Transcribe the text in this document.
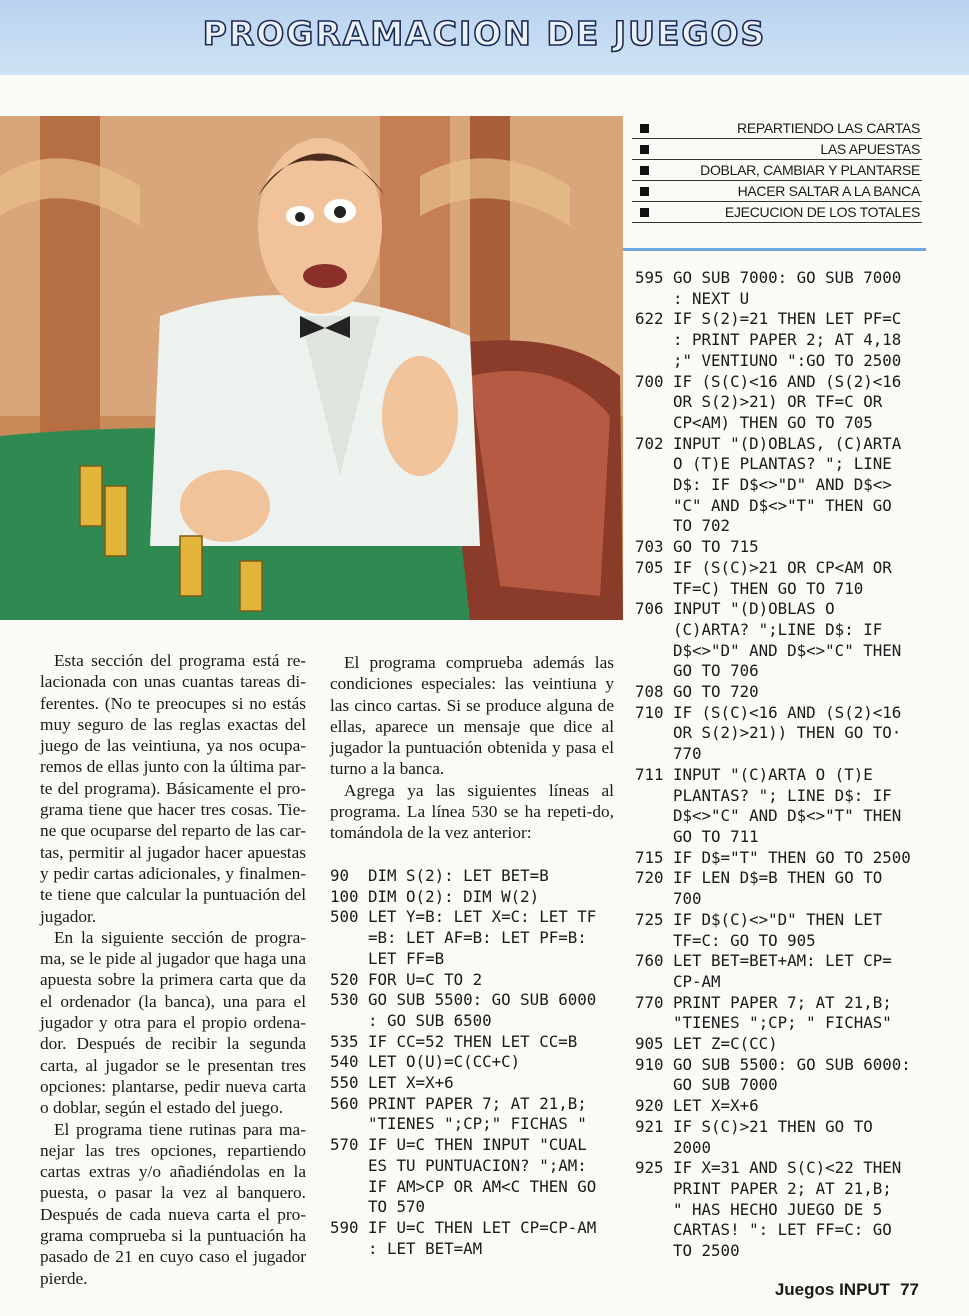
PROGRAMACION DE JUEGOS
REPARTIENDO LAS CARTAS
LAS APUESTAS
DOBLAR, CAMBIAR Y PLANTARSE
HACER SALTAR A LA BANCA
EJECUCION DE LOS TOTALES

Esta sección del programa está re-lacionada con unas cuantas tareas di-ferentes. (No te preocupes si no estás muy seguro de las reglas exactas del juego de las veintiuna, ya nos ocupa-remos de ellas junto con la última par-te del programa). Básicamente el pro-grama tiene que hacer tres cosas. Tie-ne que ocuparse del reparto de las car-tas, permitir al jugador hacer apuestas y pedir cartas adicionales, y finalmen-te tiene que calcular la puntuación del jugador.

En la siguiente sección de progra-ma, se le pide al jugador que haga una apuesta sobre la primera carta que da el ordenador (la banca), una para el jugador y otra para el propio ordena-dor. Después de recibir la segunda carta, al jugador se le presentan tres opciones: plantarse, pedir nueva carta o doblar, según el estado del juego.

El programa tiene rutinas para ma-nejar las tres opciones, repartiendo cartas extras y/o añadiéndolas en la puesta, o pasar la vez al banquero. Después de cada nueva carta el pro-grama comprueba si la puntuación ha pasado de 21 en cuyo caso el jugador pierde.

El programa comprueba además las condiciones especiales: las veintiuna y las cinco cartas. Si se produce alguna de ellas, aparece un mensaje que dice al jugador la puntuación obtenida y pasa el turno a la banca.

Agrega ya las siguientes líneas al programa. La línea 530 se ha repeti-do, tomándola de la vez anterior:

90	DIM S(2): LET BET=B
100 DIM O(2): DIM W(2)
500 LET Y=B: LET X=C: LET TF
=B: LET AF=B: LET PF=B:
LET FF=B
520 FOR U=C TO 2
530 GO SUB 5500: GO SUB 6000
: GO SUB 6500
535 IF CC=52 THEN LET CC=B
540 LET O(U)=C(CC+C)
550 LET X=X+6
560 PRINT PAPER 7; AT 21,B;
"TIENES ";CP;" FICHAS "
570 IF U=C THEN INPUT "CUAL
ES TU PUNTUACION? ";AM:
IF AM>CP OR AM<C THEN GO
TO 570
590 IF U=C THEN LET CP=CP-AM
: LET BET=AM
595 GO SUB 7000: GO SUB 7000
: NEXT U
622 IF S(2)=21 THEN LET PF=C
: PRINT PAPER 2; AT 4,18
;" VENTIUNO ":GO TO 2500
700 IF (S(C)<16 AND (S(2)<16
OR S(2)>21) OR TF=C OR
CP<AM) THEN GO TO 705
702 INPUT "(D)OBLAS, (C)ARTA
O (T)E PLANTAS? "; LINE
D$: IF D$<>"D" AND D$<>
"C" AND D$<>"T" THEN GO
TO 702
703 GO TO 715
705 IF (S(C)>21 OR CP<AM OR
TF=C) THEN GO TO 710
706 INPUT "(D)OBLAS O
(C)ARTA? ";LINE D$: IF
D$<>"D" AND D$<>"C" THEN
GO TO 706
708 GO TO 720
710 IF (S(C)<16 AND (S(2)<16
OR S(2)>21)) THEN GO TO·
770
711 INPUT "(C)ARTA O (T)E
PLANTAS? "; LINE D$: IF
D$<>"C" AND D$<>"T" THEN
GO TO 711
715 IF D$="T" THEN GO TO 2500
720 IF LEN D$=B THEN GO TO
700
725 IF D$(C)<>"D" THEN LET
TF=C: GO TO 905
760 LET BET=BET+AM: LET CP=
CP-AM
770 PRINT PAPER 7; AT 21,B;
"TIENES ";CP; " FICHAS"
905 LET Z=C(CC)
910 GO SUB 5500: GO SUB 6000:
GO SUB 7000
920 LET X=X+6
921 IF S(C)>21 THEN GO TO
2000
925 IF X=31 AND S(C)<22 THEN
PRINT PAPER 2; AT 21,B;
" HAS HECHO JUEGO DE 5
CARTAS! ": LET FF=C: GO
TO 2500
Juegos INPUT 77
